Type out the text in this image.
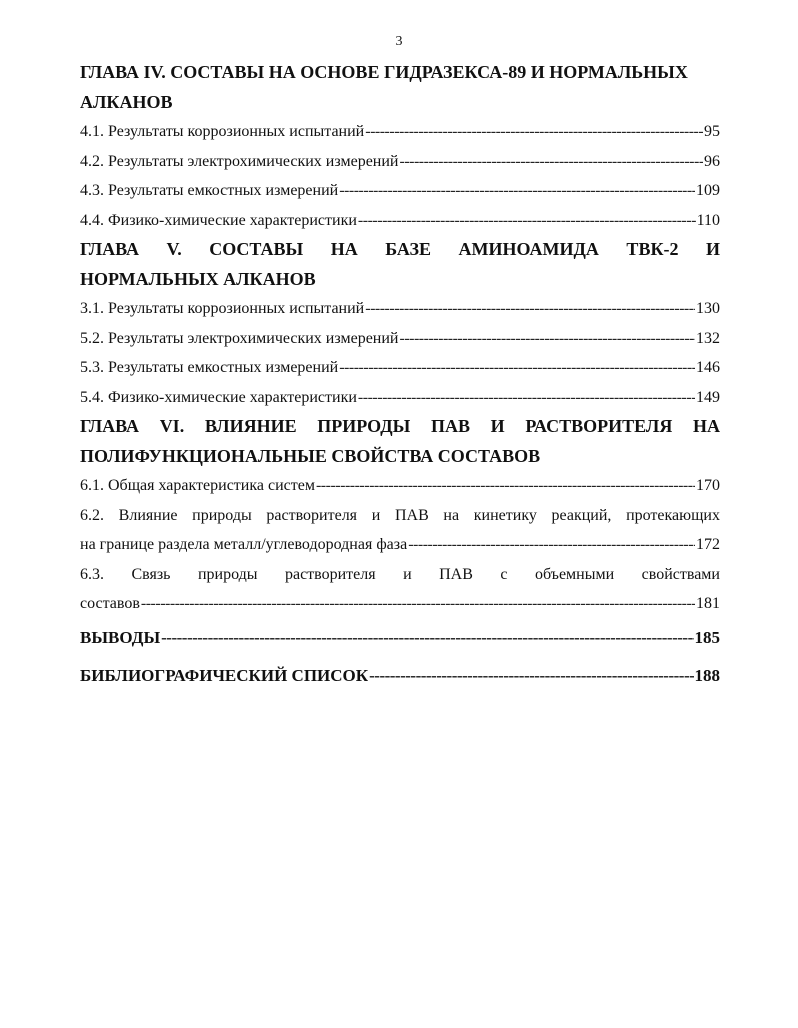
3
ГЛАВА IV. СОСТАВЫ НА ОСНОВЕ ГИДРАЗЕКСА-89 И НОРМАЛЬНЫХ
АЛКАНОВ
4.1. Результаты коррозионных испытаний -----	95
4.2. Результаты электрохимических измерений -----	96
4.3. Результаты емкостных измерений -----	109
4.4. Физико-химические характеристики -----	110
ГЛАВА V. СОСТАВЫ НА БАЗЕ АМИНОАМИДА ТВК-2 И
НОРМАЛЬНЫХ АЛКАНОВ
3.1. Результаты коррозионных испытаний -----	130
5.2. Результаты электрохимических измерений -----	132
5.3. Результаты емкостных измерений -----	146
5.4. Физико-химические характеристики -----	149
ГЛАВА VI. ВЛИЯНИЕ ПРИРОДЫ ПАВ И РАСТВОРИТЕЛЯ НА
ПОЛИФУНКЦИОНАЛЬНЫЕ СВОЙСТВА СОСТАВОВ
6.1. Общая характеристика систем -----	170
6.2. Влияние природы растворителя и ПАВ на кинетику реакций, протекающих
на границе раздела металл/углеводородная фаза -----	172
6.3. Связь природы растворителя и ПАВ с объемными свойствами
составов -----	181
ВЫВОДЫ -----	185
БИБЛИОГРАФИЧЕСКИЙ СПИСОК -----	188
